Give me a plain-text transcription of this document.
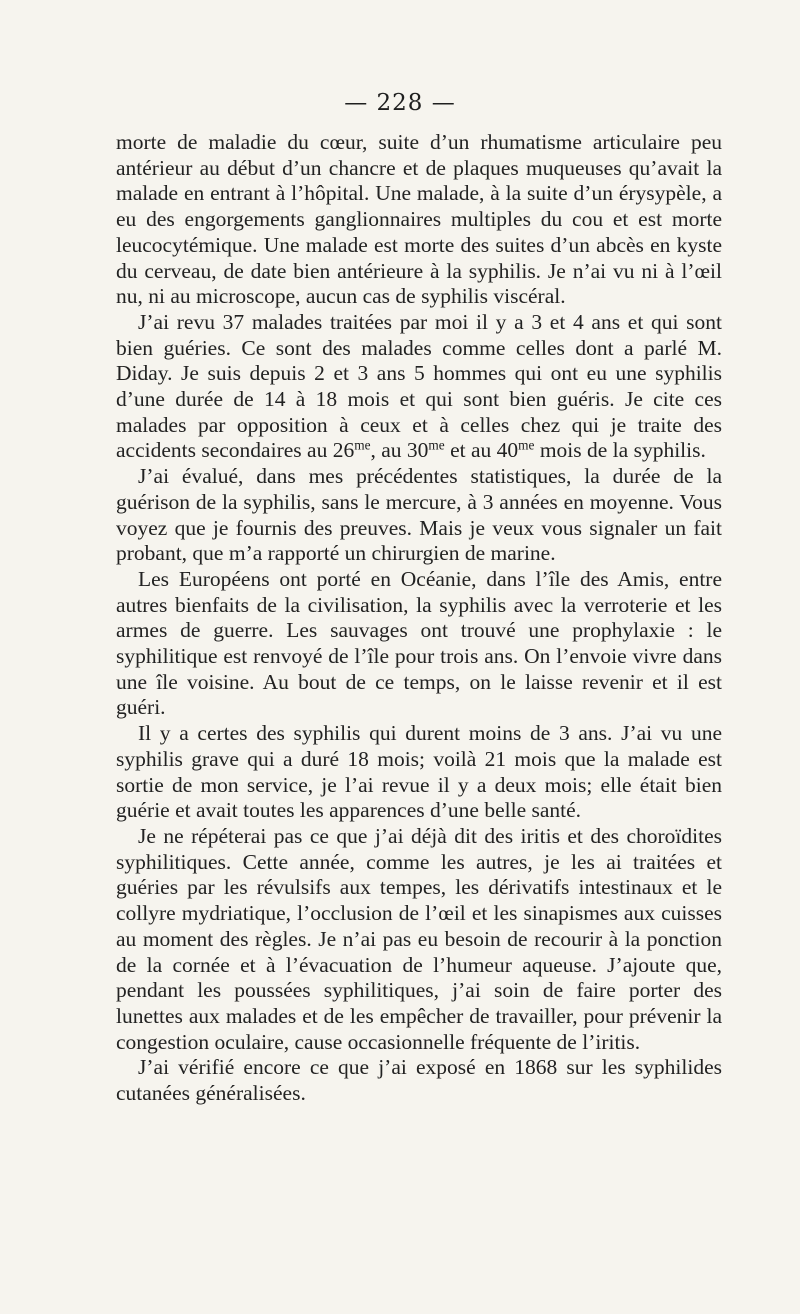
— 228 —

morte de maladie du cœur, suite d’un rhumatisme articulaire peu antérieur au début d’un chancre et de plaques muqueuses qu’avait la malade en entrant à l’hôpital. Une malade, à la suite d’un érysypèle, a eu des engorgements ganglionnaires multiples du cou et est morte leucocytémique. Une malade est morte des suites d’un abcès en kyste du cerveau, de date bien antérieure à la syphilis. Je n’ai vu ni à l’œil nu, ni au microscope, aucun cas de syphilis viscéral.

J’ai revu 37 malades traitées par moi il y a 3 et 4 ans et qui sont bien guéries. Ce sont des malades comme celles dont a parlé M. Diday. Je suis depuis 2 et 3 ans 5 hommes qui ont eu une syphilis d’une durée de 14 à 18 mois et qui sont bien guéris. Je cite ces malades par opposition à ceux et à celles chez qui je traite des accidents secondaires au $26^{me}$, au $30^{me}$ et au $40^{me}$ mois de la syphilis.

J’ai évalué, dans mes précédentes statistiques, la durée de la guérison de la syphilis, sans le mercure, à 3 années en moyenne. Vous voyez que je fournis des preuves. Mais je veux vous signaler un fait probant, que m’a rapporté un chirurgien de marine.

Les Européens ont porté en Océanie, dans l’île des Amis, entre autres bienfaits de la civilisation, la syphilis avec la verroterie et les armes de guerre. Les sauvages ont trouvé une prophylaxie : le syphilitique est renvoyé de l’île pour trois ans. On l’envoie vivre dans une île voisine. Au bout de ce temps, on le laisse revenir et il est guéri.

Il y a certes des syphilis qui durent moins de 3 ans. J’ai vu une syphilis grave qui a duré 18 mois; voilà 21 mois que la malade est sortie de mon service, je l’ai revue il y a deux mois; elle était bien guérie et avait toutes les apparences d’une belle santé.

Je ne répéterai pas ce que j’ai déjà dit des iritis et des choroïdites syphilitiques. Cette année, comme les autres, je les ai traitées et guéries par les révulsifs aux tempes, les dérivatifs intestinaux et le collyre mydriatique, l’occlusion de l’œil et les sinapismes aux cuisses au moment des règles. Je n’ai pas eu besoin de recourir à la ponction de la cornée et à l’évacuation de l’humeur aqueuse. J’ajoute que, pendant les poussées syphilitiques, j’ai soin de faire porter des lunettes aux malades et de les empêcher de travailler, pour prévenir la congestion oculaire, cause occasionnelle fréquente de l’iritis.

J’ai vérifié encore ce que j’ai exposé en 1868 sur les syphilides cutanées généralisées.
